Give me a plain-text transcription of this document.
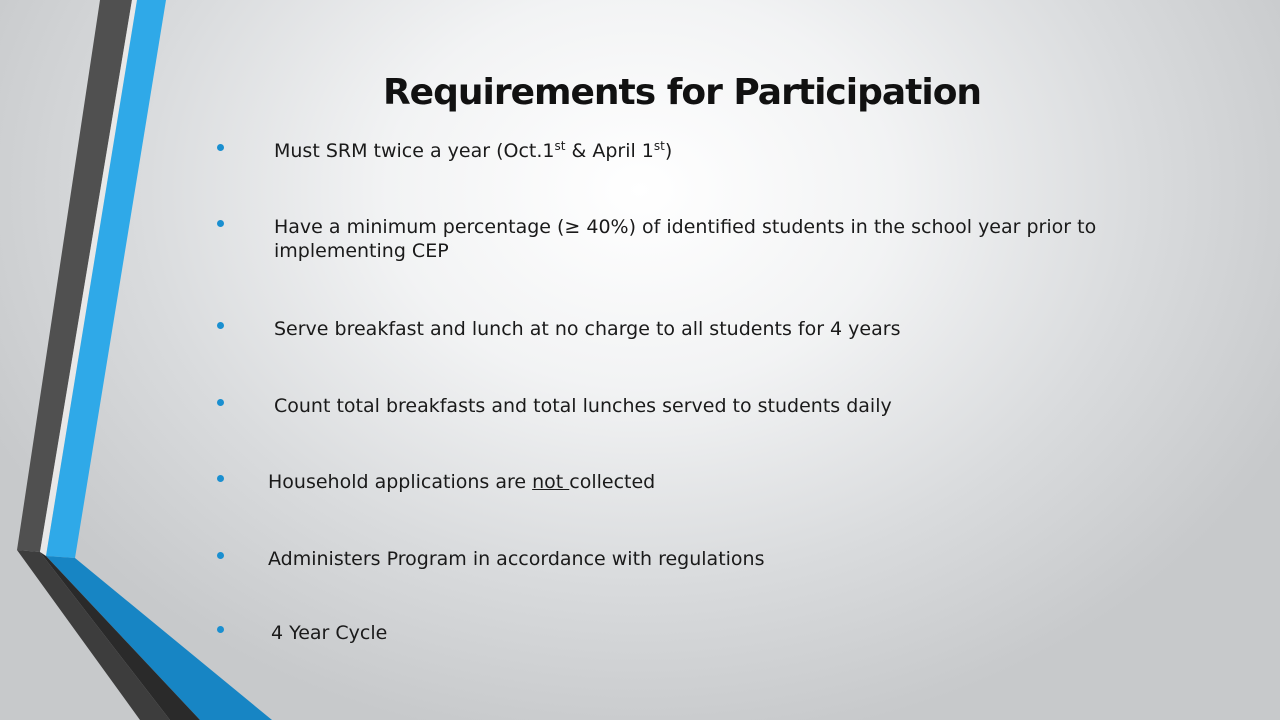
Requirements for Participation
Must SRM twice a year (Oct.1st & April 1st)
Have a minimum percentage (≥ 40%) of identified students in the school year prior to implementing CEP
Serve breakfast and lunch at no charge to all students for 4 years
Count total breakfasts and total lunches served to students daily
Household applications are not collected
Administers Program in accordance with regulations
4 Year Cycle
